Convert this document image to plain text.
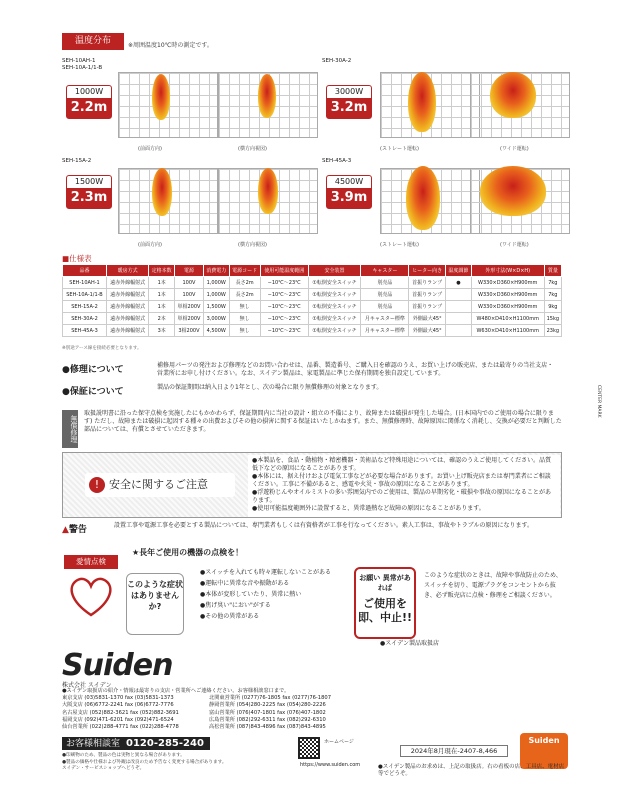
温度分布	※周囲温度10℃時の測定です。
SEH-10AH-1
SEH-10A-1/1-B
1000W
2.2m
(前面方向)	(横方向視図)
SEH-30A-2
3000W
3.2m
(ストレート運転)	(ワイド運転)
SEH-15A-2
1500W
2.3m
(前面方向)	(横方向視図)
SEH-45A-3
4500W
3.9m
(ストレート運転)	(ワイド運転)
■仕様表
品番	暖房方式	定格本数	電源	消費電力	電源コード	使用可能温度範囲	安全装置	キャスター	ヒーター向き	温度調節	外形寸法(W×D×H)	質量
SEH-10AH-1	遠赤外線輻射式	1本	100V	1,000W	長さ2m	−10℃〜23℃	①転倒安全スイッチ	別売品	首振りランプ	●	W330×D360×H900mm	7kg
SEH-10A-1/1-B	遠赤外線輻射式	1本	100V	1,000W	長さ2m	−10℃〜23℃	①転倒安全スイッチ	別売品	首振りランプ		W330×D360×H900mm	7kg
SEH-15A-2	遠赤外線輻射式	1本	単相200V	1,500W	無し	−10℃〜23℃	①転倒安全スイッチ	別売品	首振りランプ		W330×D360×H900mm	9kg
SEH-30A-2	遠赤外線輻射式	2本	単相200V	3,000W	無し	−10℃〜23℃	①転倒安全スイッチ	月キャスター標準	外側最大45°		W480×D410×H1100mm	15kg
SEH-45A-3	遠赤外線輻射式	3本	3相200V	4,500W	無し	−10℃〜23℃	①転倒安全スイッチ	月キャスター標準	外側最大45°		W630×D410×H1100mm	23kg
※別途アース線を接続必要となります。
●修理について	補修用パーツの発注および修理などのお問い合わせは、品番、製造番号、ご購入日を確認のうえ、お買い上げの販売店、または最寄りの当社支店・営業所にお申し付けください。なお、スイデン製品は、家電製品に準じた保有期間を独自設定しています。
●保証について	製品の保証期間は納入日より1年とし、次の場合に限り無償修理の対象となります。
無償修理
取扱説明書に沿った保守点検を実施したにもかかわらず、保証期間内に当社の設計・組立の不備により、故障または破損が発生した場合。(日本国内でのご使用の場合に限ります) ただし、故障または破損に起因する種々の出費およびその他の損害に関する保証はいたしかねます。また、無償修理時、故障原因に関係なく消耗し、交換が必要だと判断した部品については、有償とさせていただきます。
! 安全に関するご注意
●本製品を、食品・動植物・精密機器・美術品など特殊用途については、確認のうえご使用してください。品質低下などの原因になることがあります。
●本体には、据え付けおよび電気工事などが必要な場合があります。お買い上げ販売店または専門業者にご相談ください。工事に不備があると、感電や火災・事故の原因になることがあります。
●浮遊粉じんやオイルミストの多い雰囲気内でのご使用は、製品の早期劣化・破損や事故の原因になることがあります。
●使用可能温度範囲外に設置すると、異常過熱など故障の原因になることがあります。
▲警告	設置工事や電源工事を必要とする製品については、専門業者もしくは有資格者が工事を行なってください。素人工事は、事故やトラブルの原因になります。
★長年ご使用の機器の点検を！
愛情点検
このような症状はありませんか?
●スイッチを入れても時々運転しないことがある
●運転中に異常な音や振動がある
●本体が変形していたり、異常に熱い
●焦げ臭い"におい"がする
●その他の異常がある
お願い 異常があれば
ご使用を即、中止!!
このような症状のときは、故障や事故防止のため、スイッチを切り、電源プラグをコンセントから抜き、必ず販売店に点検・修理をご相談ください。
●スイデン製品取扱店
Suiden
株式会社 スイデン
●スイデン取扱店の紹介・情報は最寄りの支店・営業所へご連絡ください。お客様相談窓口まで。
東京支店 (03)5831-1370 fax (03)5831-1373	北関東営業所 (0277)76-1805 fax (0277)76-1807
大阪支店 (06)6772-2241 fax (06)6772-7776	静岡営業所 (054)280-2225 fax (054)280-2226
名古屋支店 (052)882-3621 fax (052)882-3691	富山営業所 (076)407-1801 fax (076)407-1802
福岡支店 (092)471-6201 fax (092)471-6524	広島営業所 (082)292-6311 fax (082)292-6310
仙台営業所 (022)288-4771 fax (022)288-4778	高松営業所 (087)843-4896 fax (087)843-4895
お客様相談室 0120-285-240
●印刷物のため、製品の色は実物と異なる場合があります。
●製品の価格や仕様および外観は改良のため予告なく変更する場合があります。
スイデン・サービスショップへどうぞ。
ホームページ
https://www.suiden.com
2024年8月現在-2407-8,466
Suiden
●スイデン製品のお求めは、上記の取扱店。右の看板の店、工具店、電材店等でどうぞ。
CENTER MARK
